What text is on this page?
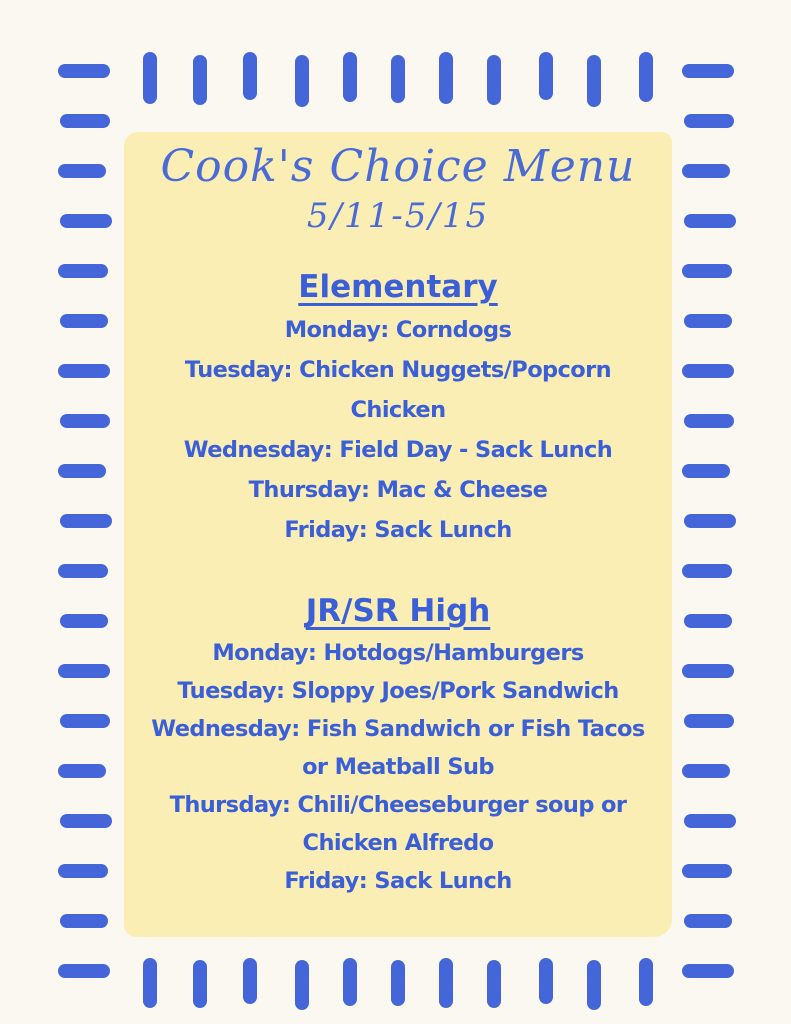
Cook's Choice Menu
5/11-5/15
Elementary

Monday: Corndogs

Tuesday: Chicken Nuggets/Popcorn

Chicken

Wednesday: Field Day - Sack Lunch

Thursday: Mac & Cheese

Friday: Sack Lunch

JR/SR High

Monday: Hotdogs/Hamburgers

Tuesday: Sloppy Joes/Pork Sandwich

Wednesday: Fish Sandwich or Fish Tacos

or Meatball Sub

Thursday: Chili/Cheeseburger soup or

Chicken Alfredo

Friday: Sack Lunch
